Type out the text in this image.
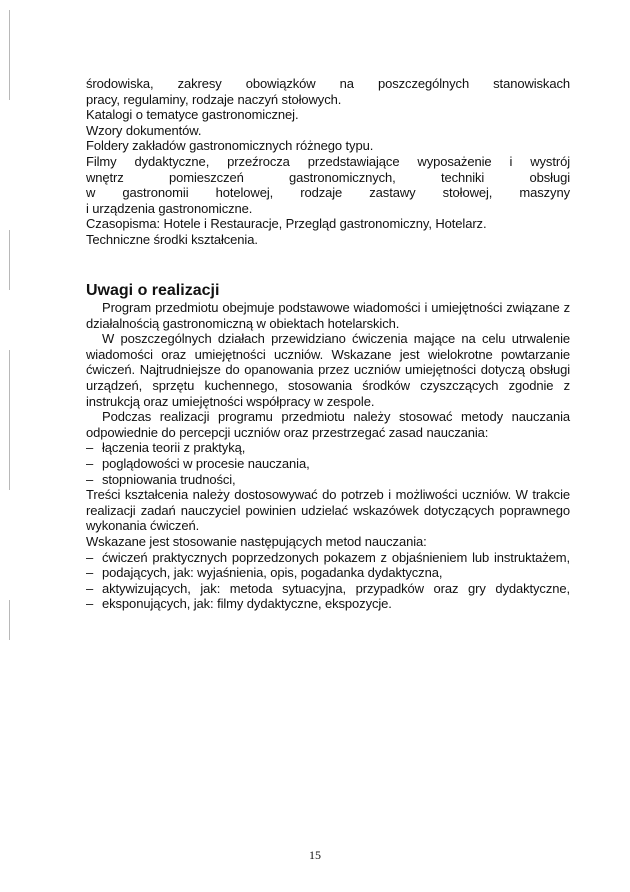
środowiska, zakresy obowiązków na poszczególnych stanowiskach
pracy, regulaminy, rodzaje naczyń stołowych.
Katalogi o tematyce gastronomicznej.
Wzory dokumentów.
Foldery zakładów gastronomicznych różnego typu.
Filmy dydaktyczne, przeźrocza przedstawiające wyposażenie i wystrój
wnętrz pomieszczeń gastronomicznych, techniki obsługi
w gastronomii hotelowej, rodzaje zastawy stołowej, maszyny
i urządzenia gastronomiczne.
Czasopisma: Hotele i Restauracje, Przegląd gastronomiczny, Hotelarz.
Techniczne środki kształcenia.
Uwagi o realizacji

Program przedmiotu obejmuje podstawowe wiadomości i umiejętności związane z działalnością gastronomiczną w obiektach hotelarskich.

W poszczególnych działach przewidziano ćwiczenia mające na celu utrwalenie wiadomości oraz umiejętności uczniów. Wskazane jest wielokrotne powtarzanie ćwiczeń. Najtrudniejsze do opanowania przez uczniów umiejętności dotyczą obsługi urządzeń, sprzętu kuchennego, stosowania środków czyszczących zgodnie z instrukcją oraz umiejętności współpracy w zespole.

Podczas realizacji programu przedmiotu należy stosować metody nauczania odpowiednie do percepcji uczniów oraz przestrzegać zasad nauczania:

– łączenia teorii z praktyką,
– poglądowości w procesie nauczania,
– stopniowania trudności,

Treści kształcenia należy dostosowywać do potrzeb i możliwości uczniów. W trakcie realizacji zadań nauczyciel powinien udzielać wskazówek dotyczących poprawnego wykonania ćwiczeń.

Wskazane jest stosowanie następujących metod nauczania:

– ćwiczeń praktycznych poprzedzonych pokazem z objaśnieniem lub instruktażem,
– podających, jak: wyjaśnienia, opis, pogadanka dydaktyczna,
– aktywizujących, jak: metoda sytuacyjna, przypadków oraz gry dydaktyczne,
– eksponujących, jak: filmy dydaktyczne, ekspozycje.
15
